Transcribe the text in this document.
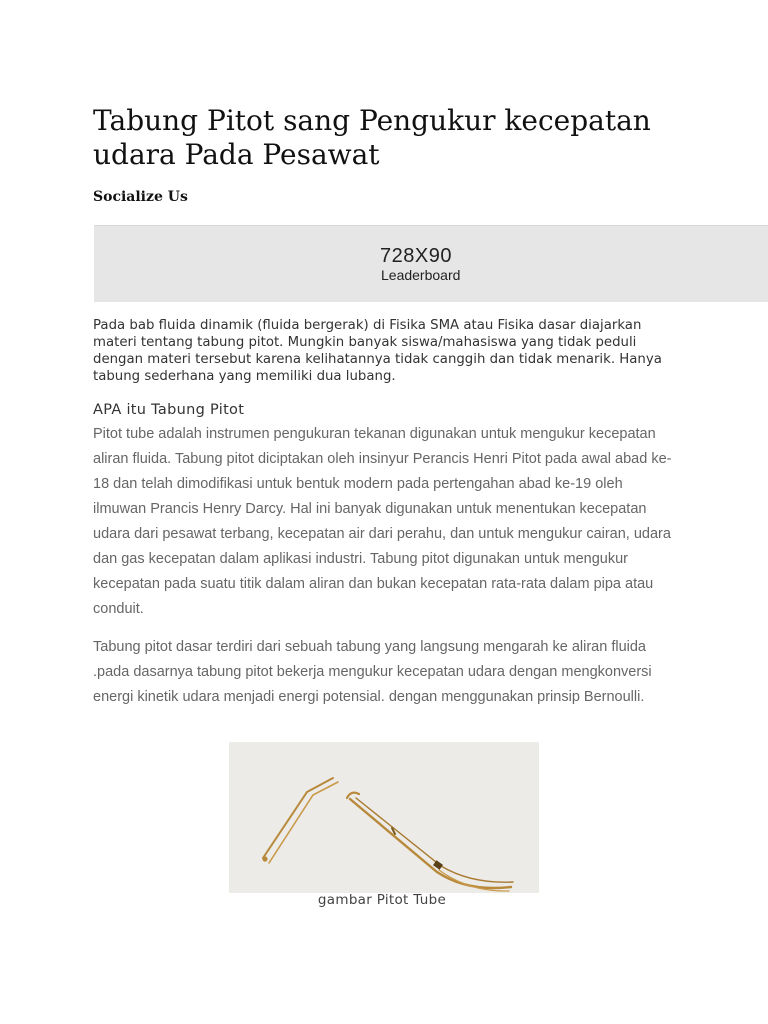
Tabung Pitot sang Pengukur kecepatan udara Pada Pesawat

Socialize Us

728X90
Leaderboard

Pada bab fluida dinamik (fluida bergerak) di Fisika SMA atau Fisika dasar diajarkan materi tentang tabung pitot. Mungkin banyak siswa/mahasiswa yang tidak peduli dengan materi tersebut karena kelihatannya tidak canggih dan tidak menarik. Hanya tabung sederhana yang memiliki dua lubang.

APA itu Tabung Pitot

Pitot tube adalah instrumen pengukuran tekanan digunakan untuk mengukur kecepatan aliran fluida. Tabung pitot diciptakan oleh insinyur Perancis Henri Pitot pada awal abad ke-18 dan telah dimodifikasi untuk bentuk modern pada pertengahan abad ke-19 oleh ilmuwan Prancis Henry Darcy. Hal ini banyak digunakan untuk menentukan kecepatan udara dari pesawat terbang, kecepatan air dari perahu, dan untuk mengukur cairan, udara dan gas kecepatan dalam aplikasi industri. Tabung pitot digunakan untuk mengukur kecepatan pada suatu titik dalam aliran dan bukan kecepatan rata-rata dalam pipa atau conduit.

Tabung pitot dasar terdiri dari sebuah tabung yang langsung mengarah ke aliran fluida .pada dasarnya tabung pitot bekerja mengukur kecepatan udara dengan mengkonversi energi kinetik udara menjadi energi potensial. dengan menggunakan prinsip Bernoulli.

gambar Pitot Tube
